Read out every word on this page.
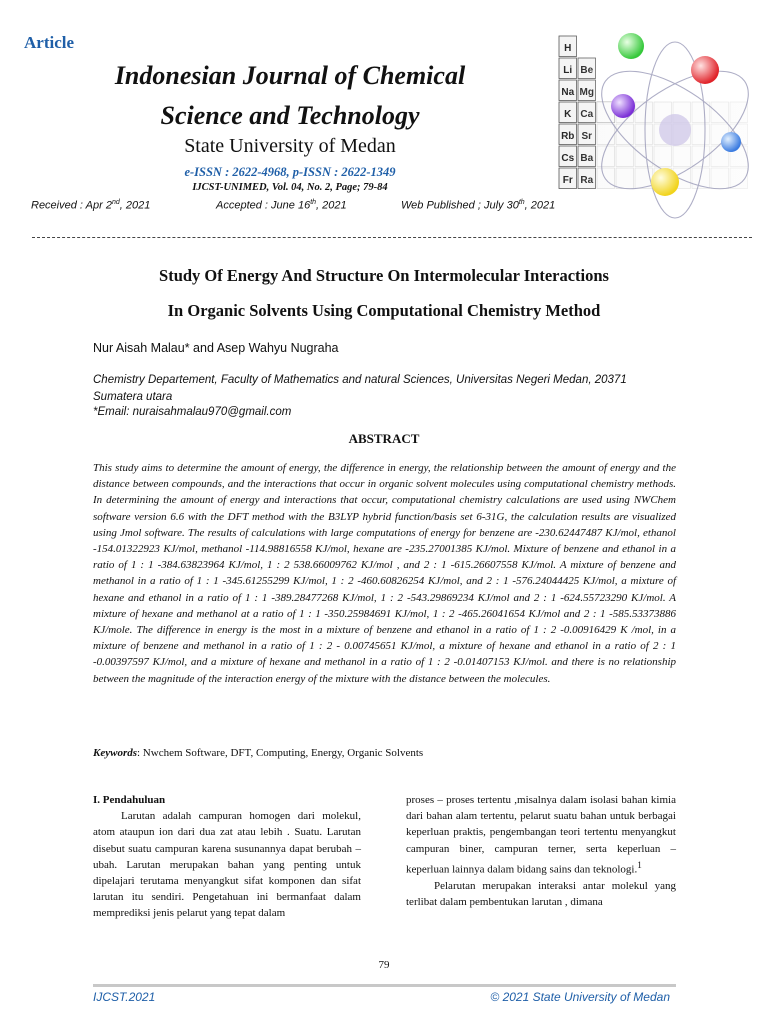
Article
Indonesian Journal of Chemical
Science and Technology
State University of Medan
e-ISSN : 2622-4968, p-ISSN : 2622-1349
IJCST-UNIMED, Vol. 04, No. 2, Page; 79-84
Received : Apr 2nd, 2021	Accepted : June 16th, 2021	Web Published ; July 30th, 2021
Study Of Energy And Structure On Intermolecular Interactions
In Organic Solvents Using Computational Chemistry Method
Nur Aisah Malau* and Asep Wahyu Nugraha
Chemistry Departement, Faculty of Mathematics and natural Sciences, Universitas Negeri Medan, 20371
Sumatera utara
*Email: nuraisahmalau970@gmail.com
ABSTRACT
This study aims to determine the amount of energy, the difference in energy, the relationship between the amount of energy and the distance between compounds, and the interactions that occur in organic solvent molecules using computational chemistry methods. In determining the amount of energy and interactions that occur, computational chemistry calculations are used using NWChem software version 6.6 with the DFT method with the B3LYP hybrid function/basis set 6-31G, the calculation results are visualized using Jmol software. The results of calculations with large computations of energy for benzene are -230.62447487 KJ/mol, ethanol -154.01322923 KJ/mol, methanol -114.98816558 KJ/mol, hexane are -235.27001385 KJ/mol. Mixture of benzene and ethanol in a ratio of 1 : 1 -384.63823964 KJ/mol, 1 : 2 538.66009762 KJ/mol , and 2 : 1 -615.26607558 KJ/mol. A mixture of benzene and methanol in a ratio of 1 : 1 -345.61255299 KJ/mol, 1 : 2 -460.60826254 KJ/mol, and 2 : 1 -576.24044425 KJ/mol, a mixture of hexane and ethanol in a ratio of 1 : 1 -389.28477268 KJ/mol, 1 : 2 -543.29869234 KJ/mol and 2 : 1 -624.55723290 KJ/mol. A mixture of hexane and methanol at a ratio of 1 : 1 -350.25984691 KJ/mol, 1 : 2 -465.26041654 KJ/mol and 2 : 1 -585.53373886 KJ/mole. The difference in energy is the most in a mixture of benzene and ethanol in a ratio of 1 : 2 -0.00916429 K /mol, in a mixture of benzene and methanol in a ratio of 1 : 2 - 0.00745651 KJ/mol, a mixture of hexane and ethanol in a ratio of 2 : 1 -0.00397597 KJ/mol, and a mixture of hexane and methanol in a ratio of 1 : 2 -0.01407153 KJ/mol. and there is no relationship between the magnitude of the interaction energy of the mixture with the distance between the molecules.
Keywords: Nwchem Software, DFT, Computing, Energy, Organic Solvents

I. Pendahuluan

Larutan adalah campuran homogen dari molekul, atom ataupun ion dari dua zat atau lebih . Suatu. Larutan disebut suatu campuran karena susunannya dapat berubah – ubah. Larutan merupakan bahan yang penting untuk dipelajari terutama menyangkut sifat komponen dan sifat larutan itu sendiri. Pengetahuan ini bermanfaat dalam memprediksi jenis pelarut yang tepat dalam

proses – proses tertentu ,misalnya dalam isolasi bahan kimia dari bahan alam tertentu, pelarut suatu bahan untuk berbagai keperluan praktis, pengembangan teori tertentu menyangkut campuran biner, campuran terner, serta keperluan – keperluan lainnya dalam bidang sains dan teknologi.$^1$

Pelarutan merupakan interaksi antar molekul yang terlibat dalam pembentukan larutan , dimana

79
IJCST.2021	© 2021 State University of Medan
